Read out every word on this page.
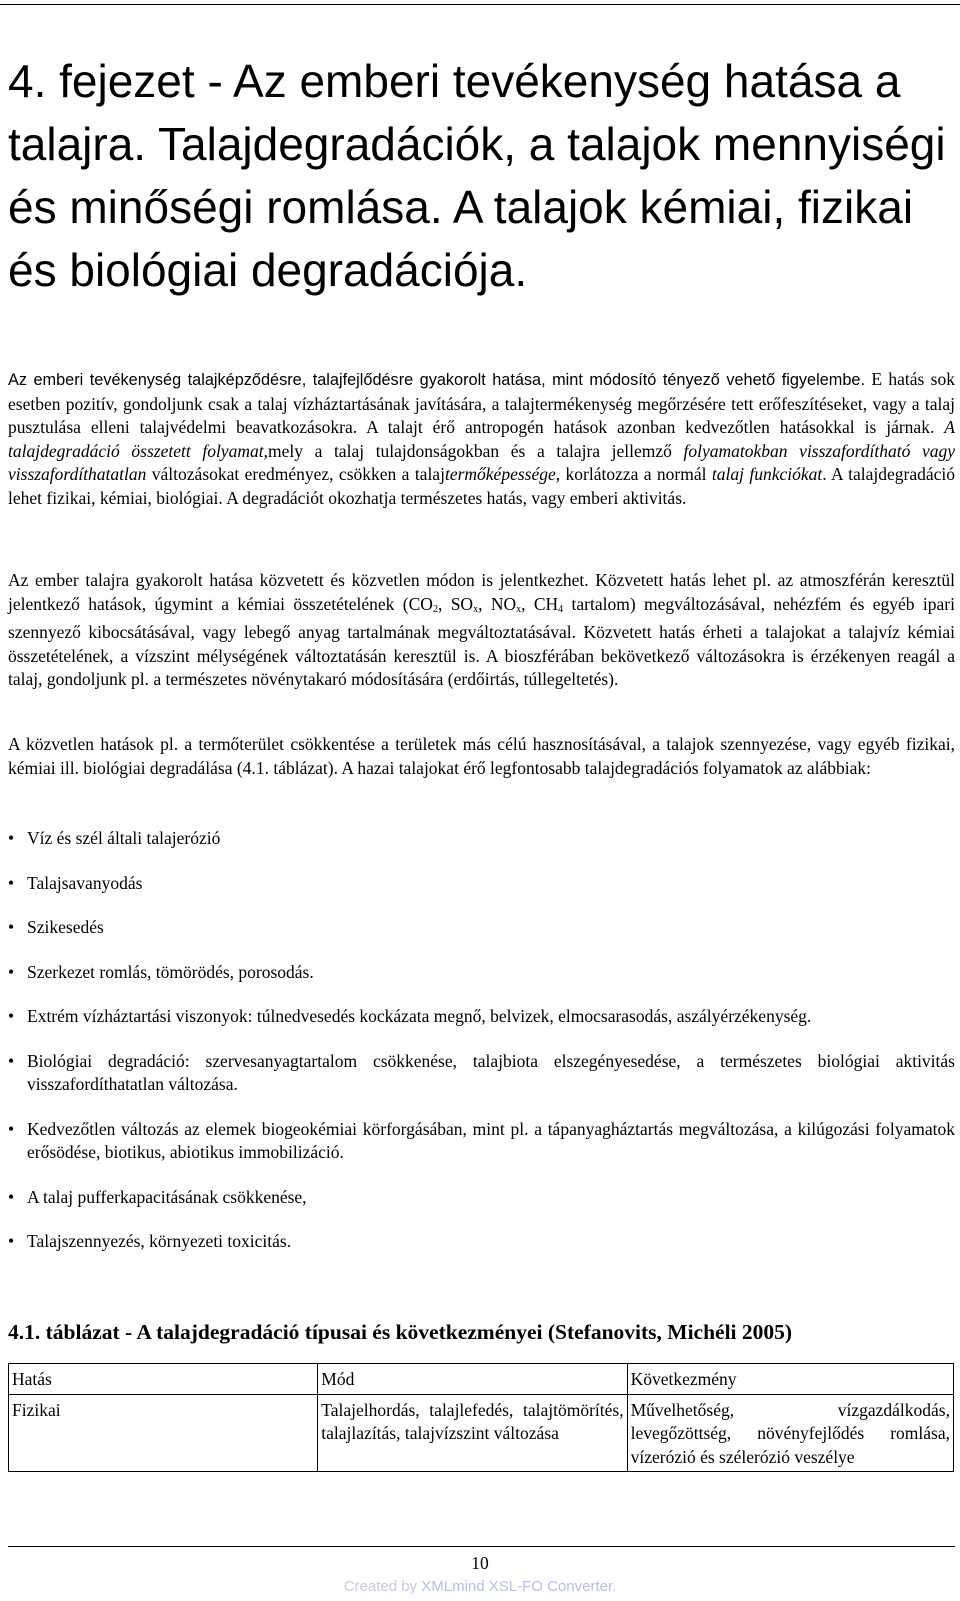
4. fejezet - Az emberi tevékenység hatása a talajra. Talajdegradációk, a talajok mennyiségi és minőségi romlása. A talajok kémiai, fizikai és biológiai degradációja.

Az emberi tevékenység talajképződésre, talajfejlődésre gyakorolt hatása, mint módosító tényező vehető figyelembe. E hatás sok esetben pozitív, gondoljunk csak a talaj vízháztartásának javítására, a talajtermékenység megőrzésére tett erőfeszítéseket, vagy a talaj pusztulása elleni talajvédelmi beavatkozásokra. A talajt érő antropogén hatások azonban kedvezőtlen hatásokkal is járnak. A talajdegradáció összetett folyamat,mely a talaj tulajdonságokban és a talajra jellemző folyamatokban visszafordítható vagy visszafordíthatatlan változásokat eredményez, csökken a talajtermőképessége, korlátozza a normál talaj funkciókat. A talajdegradáció lehet fizikai, kémiai, biológiai. A degradációt okozhatja természetes hatás, vagy emberi aktivitás.

Az ember talajra gyakorolt hatása közvetett és közvetlen módon is jelentkezhet. Közvetett hatás lehet pl. az atmoszférán keresztül jelentkező hatások, úgymint a kémiai összetételének ($CO_2$, $SO_x$, $NO_x$, $CH_4$ tartalom) megváltozásával, nehézfém és egyéb ipari szennyező kibocsátásával, vagy lebegő anyag tartalmának megváltoztatásával. Közvetett hatás érheti a talajokat a talajvíz kémiai összetételének, a vízszint mélységének változtatásán keresztül is. A bioszférában bekövetkező változásokra is érzékenyen reagál a talaj, gondoljunk pl. a természetes növénytakaró módosítására (erdőirtás, túllegeltetés).

A közvetlen hatások pl. a termőterület csökkentése a területek más célú hasznosításával, a talajok szennyezése, vagy egyéb fizikai, kémiai ill. biológiai degradálása (4.1. táblázat). A hazai talajokat érő legfontosabb talajdegradációs folyamatok az alábbiak:

• Víz és szél általi talajerózió
• Talajsavanyodás
• Szikesedés
• Szerkezet romlás, tömörödés, porosodás.
• Extrém vízháztartási viszonyok: túlnedvesedés kockázata megnő, belvizek, elmocsarasodás, aszályérzékenység.
• Biológiai degradáció: szervesanyagtartalom csökkenése, talajbiota elszegényesedése, a természetes biológiai aktivitás visszafordíthatatlan változása.
• Kedvezőtlen változás az elemek biogeokémiai körforgásában, mint pl. a tápanyagháztartás megváltozása, a kilúgozási folyamatok erősödése, biotikus, abiotikus immobilizáció.
• A talaj pufferkapacitásának csökkenése,
• Talajszennyezés, környezeti toxicitás.
4.1. táblázat - A talajdegradáció típusai és következményei (Stefanovits, Michéli 2005)
Hatás	Mód	Következmény
Fizikai	Talajelhordás, talajlefedés, talajtömörítés, talajlazítás, talajvízszint változása	Művelhetőség, vízgazdálkodás, levegőzöttség, növényfejlődés romlása, vízerózió és szélerózió veszélye
10
Created by XMLmind XSL-FO Converter.
